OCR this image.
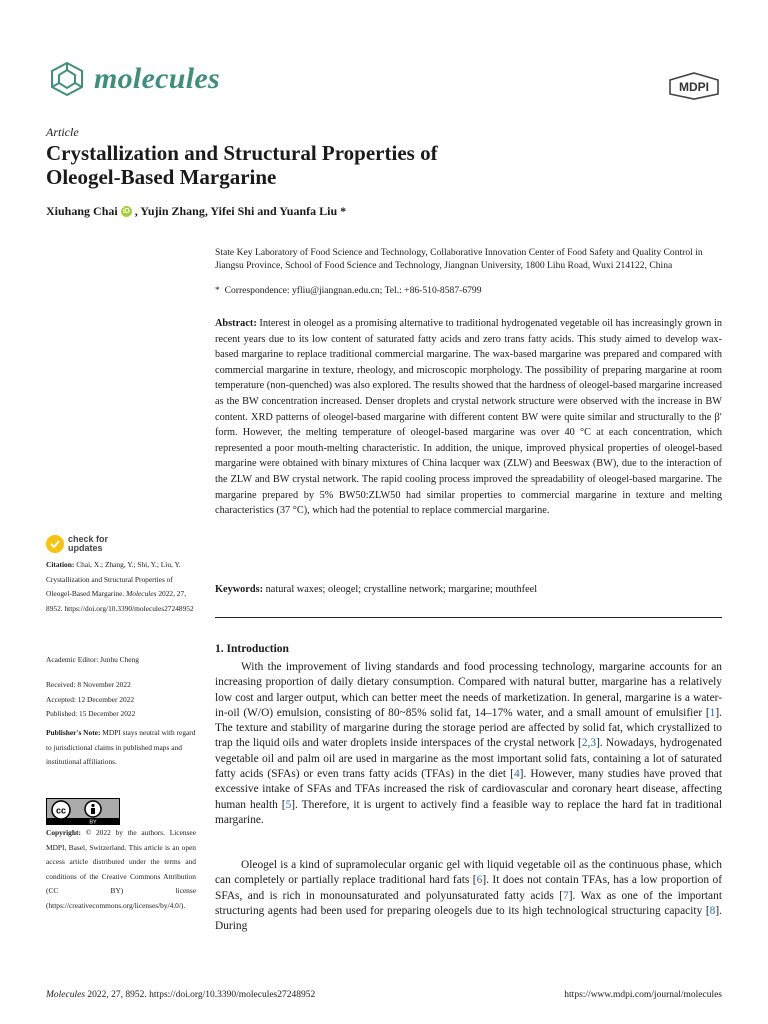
molecules	MDPI
Article
Crystallization and Structural Properties of
Oleogel-Based Margarine
Xiuhang Chai iD , Yujin Zhang, Yifei Shi and Yuanfa Liu *
State Key Laboratory of Food Science and Technology, Collaborative Innovation Center of Food Safety and Quality Control in Jiangsu Province, School of Food Science and Technology, Jiangnan University, 1800 Lihu Road, Wuxi 214122, China
*  Correspondence: yfliu@jiangnan.edu.cn; Tel.: +86-510-8587-6799
Abstract: Interest in oleogel as a promising alternative to traditional hydrogenated vegetable oil has increasingly grown in recent years due to its low content of saturated fatty acids and zero trans fatty acids. This study aimed to develop wax-based margarine to replace traditional commercial margarine. The wax-based margarine was prepared and compared with commercial margarine in texture, rheology, and microscopic morphology. The possibility of preparing margarine at room temperature (non-quenched) was also explored. The results showed that the hardness of oleogel-based margarine increased as the BW concentration increased. Denser droplets and crystal network structure were observed with the increase in BW content. XRD patterns of oleogel-based margarine with different content BW were quite similar and structurally to the β′ form. However, the melting temperature of oleogel-based margarine was over 40 °C at each concentration, which represented a poor mouth-melting characteristic. In addition, the unique, improved physical properties of oleogel-based margarine were obtained with binary mixtures of China lacquer wax (ZLW) and Beeswax (BW), due to the interaction of the ZLW and BW crystal network. The rapid cooling process improved the spreadability of oleogel-based margarine. The margarine prepared by 5% BW50:ZLW50 had similar properties to commercial margarine in texture and melting characteristics (37 °C), which had the potential to replace commercial margarine.
Keywords: natural waxes; oleogel; crystalline network; margarine; mouthfeel
1. Introduction
With the improvement of living standards and food processing technology, margarine accounts for an increasing proportion of daily dietary consumption. Compared with natural butter, margarine has a relatively low cost and larger output, which can better meet the needs of marketization. In general, margarine is a water-in-oil (W/O) emulsion, consisting of 80~85% solid fat, 14–17% water, and a small amount of emulsifier [1]. The texture and stability of margarine during the storage period are affected by solid fat, which crystallized to trap the liquid oils and water droplets inside interspaces of the crystal network [2,3]. Nowadays, hydrogenated vegetable oil and palm oil are used in margarine as the most important solid fats, containing a lot of saturated fatty acids (SFAs) or even trans fatty acids (TFAs) in the diet [4]. However, many studies have proved that excessive intake of SFAs and TFAs increased the risk of cardiovascular and coronary heart disease, affecting human health [5]. Therefore, it is urgent to actively find a feasible way to replace the hard fat in traditional margarine.
Oleogel is a kind of supramolecular organic gel with liquid vegetable oil as the continuous phase, which can completely or partially replace traditional hard fats [6]. It does not contain TFAs, has a low proportion of SFAs, and is rich in monounsaturated and polyunsaturated fatty acids [7]. Wax as one of the important structuring agents had been used for preparing oleogels due to its high technological structuring capacity [8]. During
check for
updates
Citation: Chai, X.; Zhang, Y.; Shi, Y.; Liu, Y. Crystallization and Structural Properties of Oleogel-Based Margarine. Molecules 2022, 27, 8952. https://doi.org/10.3390/molecules27248952
Academic Editor: Junhu Cheng
Received: 8 November 2022
Accepted: 12 December 2022
Published: 15 December 2022
Publisher's Note: MDPI stays neutral with regard to jurisdictional claims in published maps and institutional affiliations.
cc
BY
Copyright: © 2022 by the authors. Licensee MDPI, Basel, Switzerland. This article is an open access article distributed under the terms and conditions of the Creative Commons Attribution (CC BY) license (https://creativecommons.org/licenses/by/4.0/).
Molecules 2022, 27, 8952. https://doi.org/10.3390/molecules27248952	https://www.mdpi.com/journal/molecules
